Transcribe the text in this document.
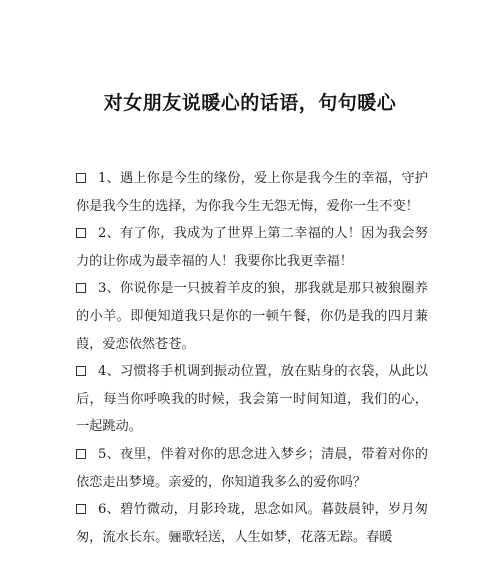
对女朋友说暖心的话语，句句暖心

1、遇上你是今生的缘份，爱上你是我今生的幸福，守护你是我今生的选择，为你我今生无怨无悔，爱你一生不变！

2、有了你，我成为了世界上第二幸福的人！因为我会努力的让你成为最幸福的人！我要你比我更幸福！

3、你说你是一只披着羊皮的狼，那我就是那只被狼圈养的小羊。即便知道我只是你的一顿午餐，你仍是我的四月蒹葭，爱恋依然苍苍。

4、习惯将手机调到振动位置，放在贴身的衣袋，从此以后，每当你呼唤我的时候，我会第一时间知道，我们的心，一起跳动。

5、夜里，伴着对你的思念进入梦乡；清晨，带着对你的依恋走出梦境。亲爱的，你知道我多么的爱你吗？

6、碧竹微动，月影玲珑，思念如风。暮鼓晨钟，岁月匆匆，流水长东。骊歌轻送，人生如梦，花落无踪。春暖
